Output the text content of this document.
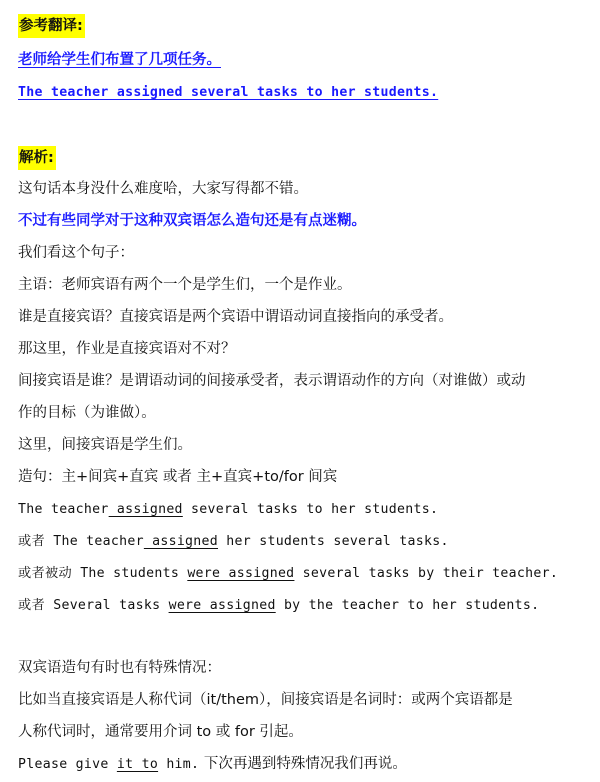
参考翻译:
老师给学生们布置了几项任务。
The teacher assigned several tasks to her students.
解析:
这句话本身没什么难度哈，大家写得都不错。
不过有些同学对于这种双宾语怎么造句还是有点迷糊。
我们看这个句子：
主语：老师宾语有两个一个是学生们，一个是作业。
谁是直接宾语？直接宾语是两个宾语中谓语动词直接指向的承受者。
那这里，作业是直接宾语对不对？
间接宾语是谁？是谓语动词的间接承受者，表示谓语动作的方向（对谁做）或动
作的目标（为谁做）。
这里，间接宾语是学生们。
造句：主+间宾+直宾 或者 主+直宾+to/for 间宾
The teacher assigned several tasks to her students.
或者 The teacher assigned her students several tasks.
或者被动 The students were assigned several tasks by their teacher.
或者 Several tasks were assigned by the teacher to her students.
双宾语造句有时也有特殊情况：
比如当直接宾语是人称代词（it/them），间接宾语是名词时：或两个宾语都是
人称代词时，通常要用介词 to 或 for 引起。
Please give it to him. 下次再遇到特殊情况我们再说。
